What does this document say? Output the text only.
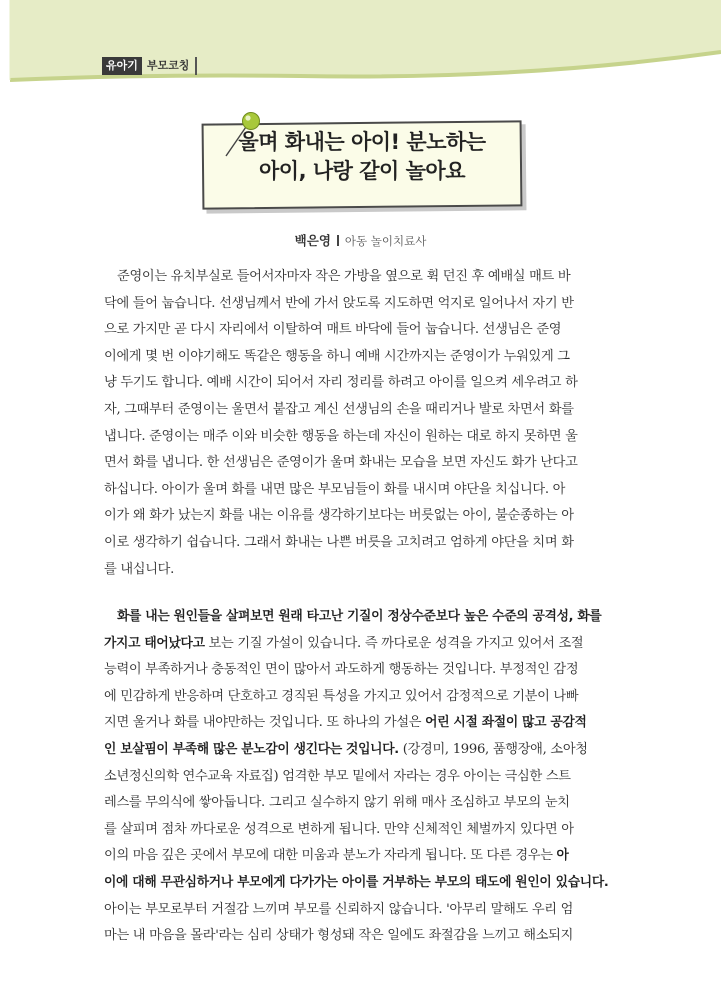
유아기 부모코칭
울며 화내는 아이! 분노하는
아이, 나랑 같이 놀아요
백은영 아동 놀이치료사
준영이는 유치부실로 들어서자마자 작은 가방을 옆으로 휙 던진 후 예배실 매트 바
닥에 들어 눕습니다. 선생님께서 반에 가서 앉도록 지도하면 억지로 일어나서 자기 반
으로 가지만 곧 다시 자리에서 이탈하여 매트 바닥에 들어 눕습니다. 선생님은 준영
이에게 몇 번 이야기해도 똑같은 행동을 하니 예배 시간까지는 준영이가 누워있게 그
냥 두기도 합니다. 예배 시간이 되어서 자리 정리를 하려고 아이를 일으켜 세우려고 하
자, 그때부터 준영이는 울면서 붙잡고 계신 선생님의 손을 때리거나 발로 차면서 화를
냅니다. 준영이는 매주 이와 비슷한 행동을 하는데 자신이 원하는 대로 하지 못하면 울
면서 화를 냅니다. 한 선생님은 준영이가 울며 화내는 모습을 보면 자신도 화가 난다고
하십니다. 아이가 울며 화를 내면 많은 부모님들이 화를 내시며 야단을 치십니다. 아
이가 왜 화가 났는지 화를 내는 이유를 생각하기보다는 버릇없는 아이, 불순종하는 아
이로 생각하기 쉽습니다. 그래서 화내는 나쁜 버릇을 고치려고 엄하게 야단을 치며 화
를 내십니다.
화를 내는 원인들을 살펴보면 원래 타고난 기질이 정상수준보다 높은 수준의 공격성, 화를
가지고 태어났다고 보는 기질 가설이 있습니다. 즉 까다로운 성격을 가지고 있어서 조절
능력이 부족하거나 충동적인 면이 많아서 과도하게 행동하는 것입니다. 부정적인 감정
에 민감하게 반응하며 단호하고 경직된 특성을 가지고 있어서 감정적으로 기분이 나빠
지면 울거나 화를 내야만하는 것입니다. 또 하나의 가설은 어린 시절 좌절이 많고 공감적
인 보살핌이 부족해 많은 분노감이 생긴다는 것입니다. (강경미, 1996, 품행장애, 소아청
소년정신의학 연수교육 자료집) 엄격한 부모 밑에서 자라는 경우 아이는 극심한 스트
레스를 무의식에 쌓아둡니다. 그리고 실수하지 않기 위해 매사 조심하고 부모의 눈치
를 살피며 점차 까다로운 성격으로 변하게 됩니다. 만약 신체적인 체벌까지 있다면 아
이의 마음 깊은 곳에서 부모에 대한 미움과 분노가 자라게 됩니다. 또 다른 경우는 아
이에 대해 무관심하거나 부모에게 다가가는 아이를 거부하는 부모의 태도에 원인이 있습니다.
아이는 부모로부터 거절감 느끼며 부모를 신뢰하지 않습니다. '아무리 말해도 우리 엄
마는 내 마음을 몰라'라는 심리 상태가 형성돼 작은 일에도 좌절감을 느끼고 해소되지
